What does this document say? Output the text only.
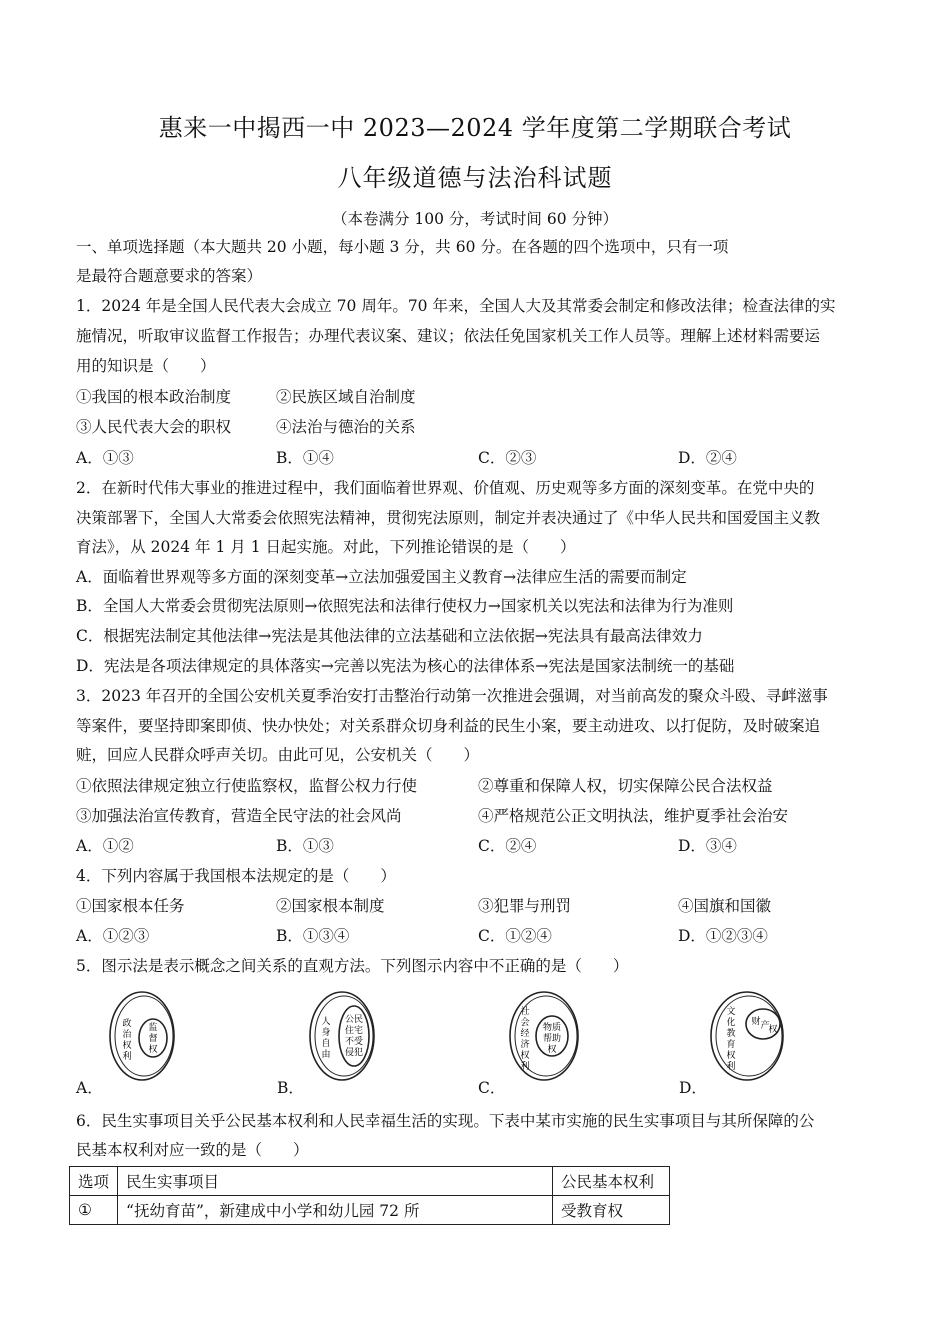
惠来一中揭西一中 2023—2024 学年度第二学期联合考试
八年级道德与法治科试题
（本卷满分 100 分，考试时间 60 分钟）
一、单项选择题（本大题共 20 小题，每小题 3 分，共 60 分。在各题的四个选项中，只有一项
是最符合题意要求的答案）
1．2024 年是全国人民代表大会成立 70 周年。70 年来，全国人大及其常委会制定和修改法律；检查法律的实
施情况，听取审议监督工作报告；办理代表议案、建议；依法任免国家机关工作人员等。理解上述材料需要运
用的知识是（　　）
①我国的根本政治制度	②民族区域自治制度
③人民代表大会的职权	④法治与德治的关系
A．①③	B．①④	C．②③	D．②④
2．在新时代伟大事业的推进过程中，我们面临着世界观、价值观、历史观等多方面的深刻变革。在党中央的
决策部署下，全国人大常委会依照宪法精神，贯彻宪法原则，制定并表决通过了《中华人民共和国爱国主义教
育法》，从 2024 年 1 月 1 日起实施。对此，下列推论错误的是（　　）
A．面临着世界观等多方面的深刻变革→立法加强爱国主义教育→法律应生活的需要而制定
B．全国人大常委会贯彻宪法原则→依照宪法和法律行使权力→国家机关以宪法和法律为行为准则
C．根据宪法制定其他法律→宪法是其他法律的立法基础和立法依据→宪法具有最高法律效力
D．宪法是各项法律规定的具体落实→完善以宪法为核心的法律体系→宪法是国家法制统一的基础
3．2023 年召开的全国公安机关夏季治安打击整治行动第一次推进会强调，对当前高发的聚众斗殴、寻衅滋事
等案件，要坚持即案即侦、快办快处；对关系群众切身利益的民生小案，要主动进攻、以打促防，及时破案追
赃，回应人民群众呼声关切。由此可见，公安机关（　　）
①依照法律规定独立行使监察权，监督公权力行使	②尊重和保障人权，切实保障公民合法权益
③加强法治宣传教育，营造全民守法的社会风尚	④严格规范公正文明执法，维护夏季社会治安
A．①②	B．①③	C．②④	D．③④
4．下列内容属于我国根本法规定的是（　　）
①国家根本任务	②国家根本制度	③犯罪与刑罚	④国旗和国徽
A．①②③	B．①③④	C．①②④	D．①②③④
5．图示法是表示概念之间关系的直观方法。下列图示内容中不正确的是（　　）
A．
政
治
权
利
监
督
权
B．
人
身
自
由
公民
住宅
不受
侵犯
C．
社
会
经
济
权
利
物质
帮助
权
D．
文
化
教
育
权
利
财 产
权
6．民生实事项目关乎公民基本权利和人民幸福生活的实现。下表中某市实施的民生实事项目与其所保障的公
民基本权利对应一致的是（　　）
选项	民生实事项目	公民基本权利
①	“抚幼育苗”，新建成中小学和幼儿园 72 所	受教育权
